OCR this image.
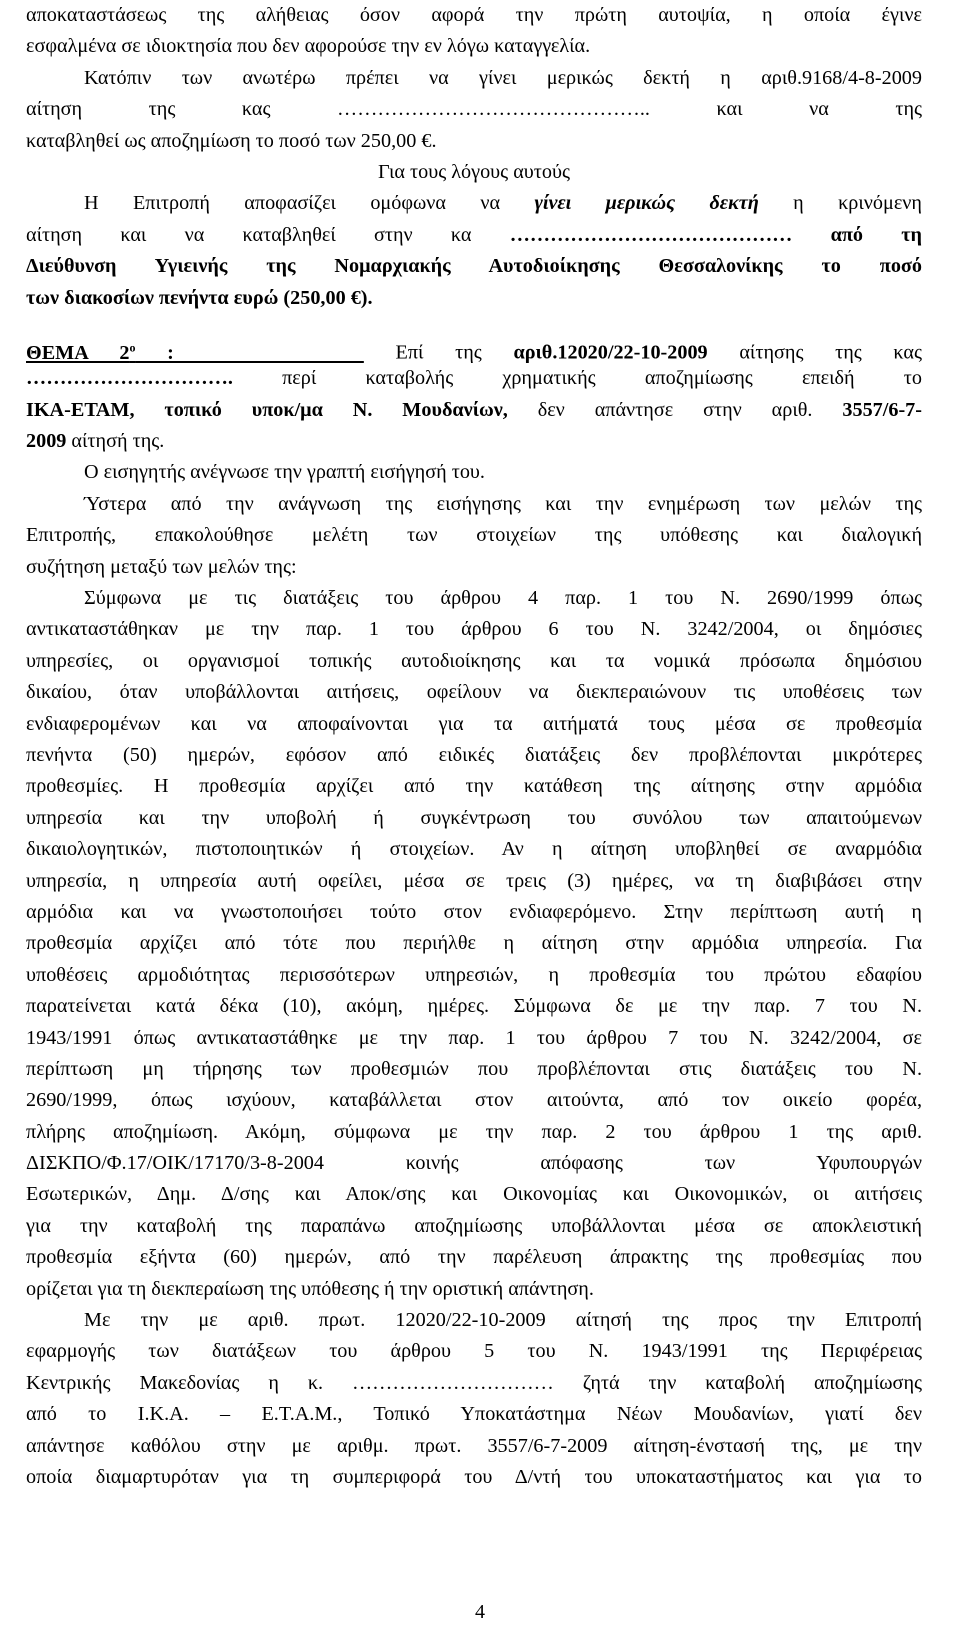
αποκαταστάσεως της αλήθειας όσον αφορά την πρώτη αυτοψία, η οποία έγινε
εσφαλμένα σε ιδιοκτησία που δεν αφορούσε την εν λόγω καταγγελία.
Κατόπιν των ανωτέρω πρέπει να γίνει μερικώς δεκτή η αριθ.9168/4-8-2009
αίτηση της κας ……………………………………….. και να της
καταβληθεί ως αποζημίωση το ποσό των 250,00 €.
Για τους λόγους αυτούς
Η Επιτροπή αποφασίζει ομόφωνα να γίνει μερικώς δεκτή η κρινόμενη
αίτηση και να καταβληθεί στην κα …………………………………… από τη
Διεύθυνση Υγιεινής της Νομαρχιακής Αυτοδιοίκησης Θεσσαλονίκης το ποσό
των διακοσίων πενήντα ευρώ (250,00 €).
ΘΕΜΑ $2^o$ :       Επί της αριθ.12020/22-10-2009 αίτησης της κας
…………………………. περί καταβολής χρηματικής αποζημίωσης επειδή το
ΙΚΑ-ΕΤΑΜ, τοπικό υποκ/μα Ν. Μουδανίων, δεν απάντησε στην αριθ. 3557/6-7-
2009 αίτησή της.
Ο εισηγητής ανέγνωσε την γραπτή εισήγησή του.
Ύστερα από την ανάγνωση της εισήγησης και την ενημέρωση των μελών της
Επιτροπής, επακολούθησε μελέτη των στοιχείων της υπόθεσης και διαλογική
συζήτηση μεταξύ των μελών της:
Σύμφωνα με τις διατάξεις του άρθρου 4 παρ. 1 του Ν. 2690/1999 όπως
αντικαταστάθηκαν με την παρ. 1 του άρθρου 6 του Ν. 3242/2004, οι δημόσιες
υπηρεσίες, οι οργανισμοί τοπικής αυτοδιοίκησης και τα νομικά πρόσωπα δημόσιου
δικαίου, όταν υποβάλλονται αιτήσεις, οφείλουν να διεκπεραιώνουν τις υποθέσεις των
ενδιαφερομένων και να αποφαίνονται για τα αιτήματά τους μέσα σε προθεσμία
πενήντα (50) ημερών, εφόσον από ειδικές διατάξεις δεν προβλέπονται μικρότερες
προθεσμίες. Η προθεσμία αρχίζει από την κατάθεση της αίτησης στην αρμόδια
υπηρεσία και την υποβολή ή συγκέντρωση του συνόλου των απαιτούμενων
δικαιολογητικών, πιστοποιητικών ή στοιχείων. Αν η αίτηση υποβληθεί σε αναρμόδια
υπηρεσία, η υπηρεσία αυτή οφείλει, μέσα σε τρεις (3) ημέρες, να τη διαβιβάσει στην
αρμόδια και να γνωστοποιήσει τούτο στον ενδιαφερόμενο. Στην περίπτωση αυτή η
προθεσμία αρχίζει από τότε που περιήλθε η αίτηση στην αρμόδια υπηρεσία. Για
υποθέσεις αρμοδιότητας περισσότερων υπηρεσιών, η προθεσμία του πρώτου εδαφίου
παρατείνεται κατά δέκα (10), ακόμη, ημέρες. Σύμφωνα δε με την παρ. 7 του Ν.
1943/1991 όπως αντικαταστάθηκε με την παρ. 1 του άρθρου 7 του Ν. 3242/2004, σε
περίπτωση μη τήρησης των προθεσμιών που προβλέπονται στις διατάξεις του Ν.
2690/1999, όπως ισχύουν, καταβάλλεται στον αιτούντα, από τον οικείο φορέα,
πλήρης αποζημίωση. Ακόμη, σύμφωνα με την παρ. 2 του άρθρου 1 της αριθ.
ΔΙΣΚΠΟ/Φ.17/ΟΙΚ/17170/3-8-2004 κοινής απόφασης των Υφυπουργών
Εσωτερικών, Δημ. Δ/σης και Αποκ/σης και Οικονομίας και Οικονομικών, οι αιτήσεις
για την καταβολή της παραπάνω αποζημίωσης υποβάλλονται μέσα σε αποκλειστική
προθεσμία εξήντα (60) ημερών, από την παρέλευση άπρακτης της προθεσμίας που
ορίζεται για τη διεκπεραίωση της υπόθεσης ή την οριστική απάντηση.
Με την με αριθ. πρωτ. 12020/22-10-2009 αίτησή της προς την Επιτροπή
εφαρμογής των διατάξεων του άρθρου 5 του Ν. 1943/1991 της Περιφέρειας
Κεντρικής Μακεδονίας η κ. ………………………… ζητά την καταβολή αποζημίωσης
από το Ι.Κ.Α. – Ε.Τ.Α.Μ., Τοπικό Υποκατάστημα Νέων Μουδανίων, γιατί δεν
απάντησε καθόλου στην με αριθμ. πρωτ. 3557/6-7-2009 αίτηση-ένστασή της, με την
οποία διαμαρτυρόταν για τη συμπεριφορά του Δ/ντή του υποκαταστήματος και για το
4
